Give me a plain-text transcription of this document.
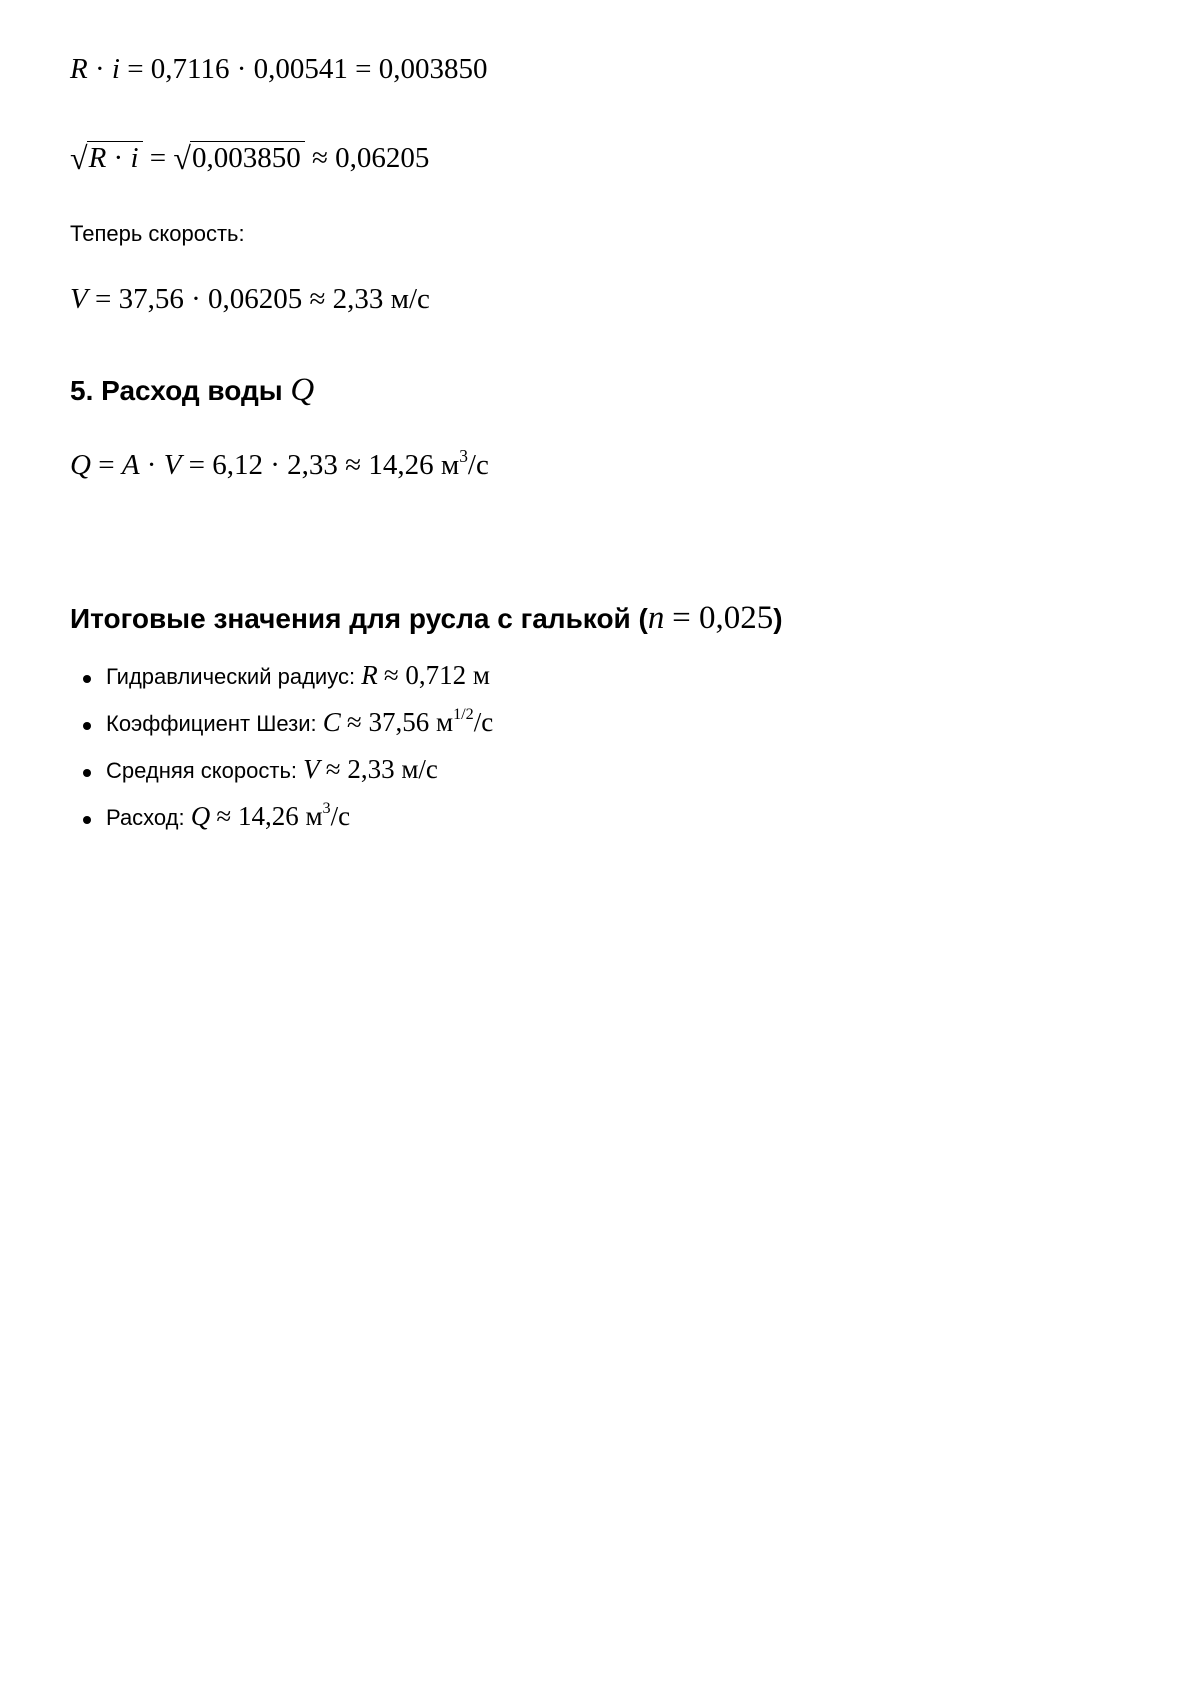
R · i = 0,7116 · 0,00541 = 0,003850
√R · i = √0,003850 ≈ 0,06205
Теперь скорость:
V = 37,56 · 0,06205 ≈ 2,33 м/с
5. Расход воды Q
Q = A · V = 6,12 · 2,33 ≈ 14,26 $м^3/с$
Итоговые значения для русла с галькой (n = 0,025)
Гидравлический радиус: R ≈ 0,712 м
Коэффициент Шези: C ≈ 37,56 $м^{1/2}/с$
Средняя скорость: V ≈ 2,33 м/с
Расход: Q ≈ 14,26 $м^3/с$
